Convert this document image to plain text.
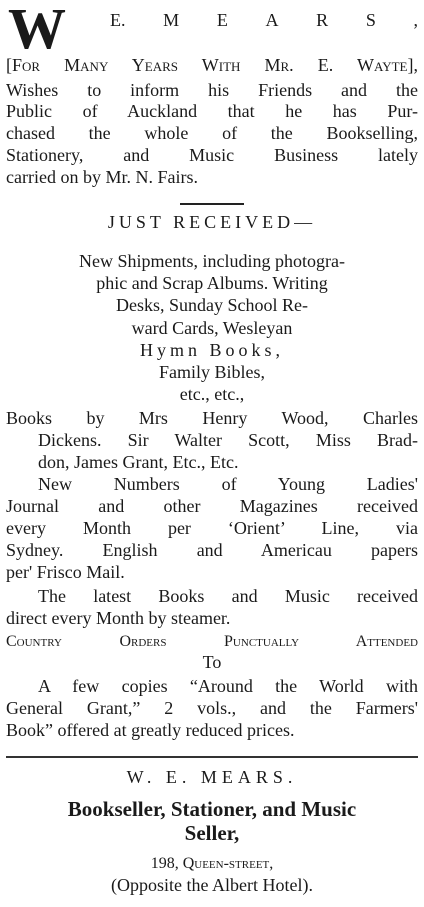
W E. M E A R S ,
[For Many Years With Mr. E. Wayte],
Wishes to inform his Friends and the
Public of Auckland that he has Pur-
chased the whole of the Bookselling,
Stationery, and Music Business lately
carried on by Mr. N. Fairs.
JUST RECEIVED—
New Shipments, including photogra-
phic and Scrap Albums. Writing
Desks, Sunday School Re-
ward Cards, Wesleyan
Hymn Books,
Family Bibles,
etc., etc.,
Books by Mrs Henry Wood, Charles
Dickens. Sir Walter Scott, Miss Brad-
don, James Grant, Etc., Etc.
New Numbers of Young Ladies'
Journal and other Magazines received
every Month per ‘Orient’ Line, via
Sydney. English and Americau papers
per' Frisco Mail.
The latest Books and Music received
direct every Month by steamer.
Country Orders Punctually Attended
To
A few copies “Around the World with
General Grant,” 2 vols., and the Farmers'
Book” offered at greatly reduced prices.
W. E. MEARS.
Bookseller, Stationer, and Music
Seller,
198, Queen-street,
(Opposite the Albert Hotel).
